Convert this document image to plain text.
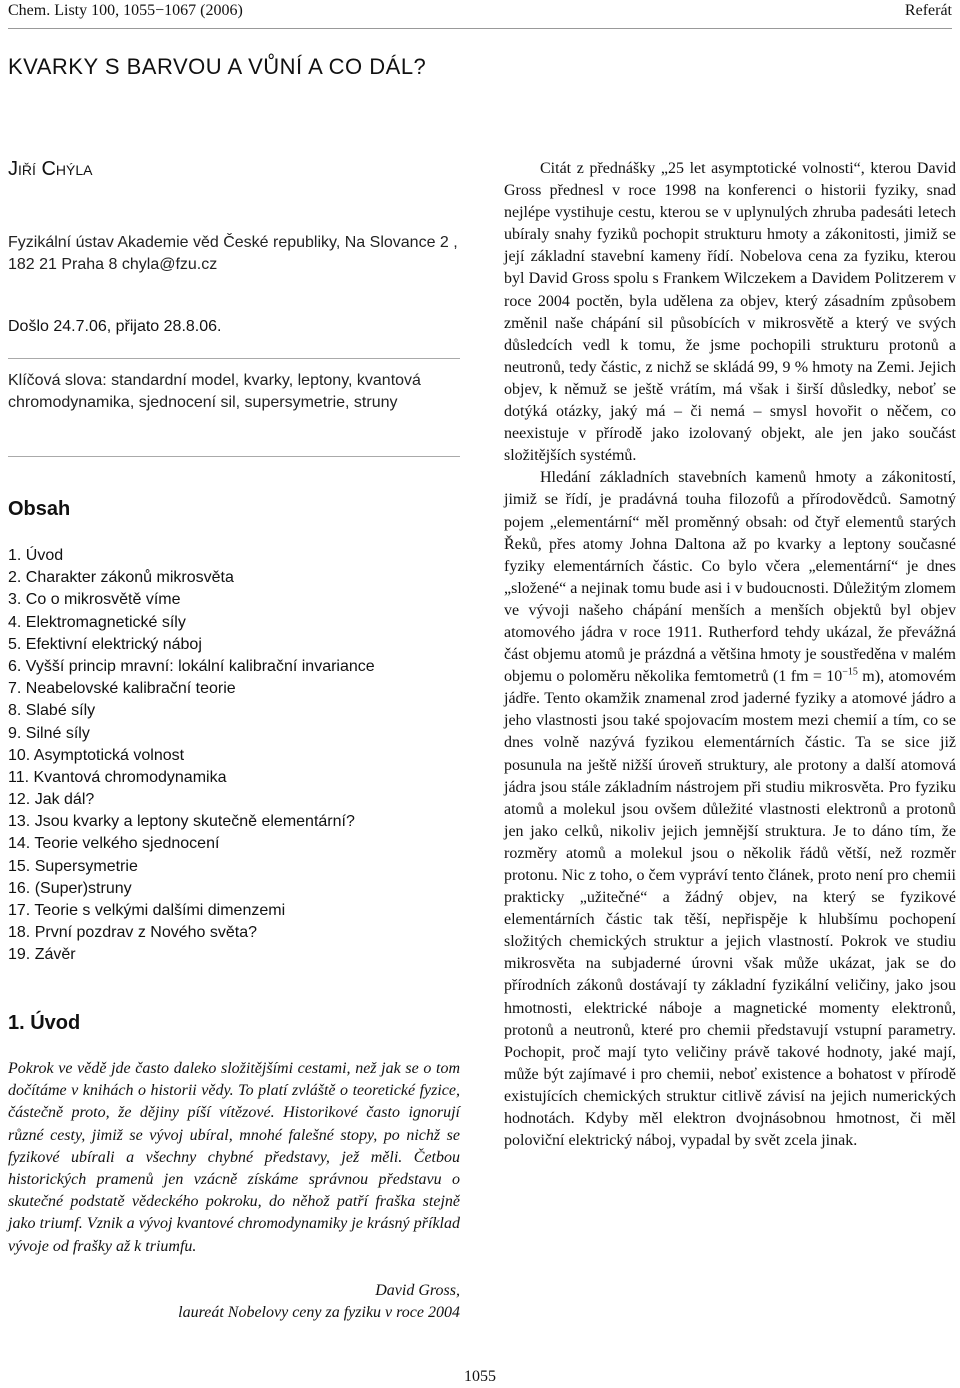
Chem. Listy 100, 1055−1067 (2006)	Referát
KVARKY S BARVOU A VŮNÍ A CO DÁL?
Jiří Chýla
Fyzikální ústav Akademie věd České republiky, Na Slovance 2 , 182 21 Praha 8 chyla@fzu.cz
Došlo 24.7.06, přijato 28.8.06.
Klíčová slova: standardní model, kvarky, leptony, kvantová chromodynamika, sjednocení sil, supersymetrie, struny
Obsah
1. Úvod
2. Charakter zákonů mikrosvěta
3. Co o mikrosvětě víme
4. Elektromagnetické síly
5. Efektivní elektrický náboj
6. Vyšší princip mravní: lokální kalibrační invariance
7. Neabelovské kalibrační teorie
8. Slabé síly
9. Silné síly
10. Asymptotická volnost
11. Kvantová chromodynamika
12. Jak dál?
13. Jsou kvarky a leptony skutečně elementární?
14. Teorie velkého sjednocení
15. Supersymetrie
16. (Super)struny
17. Teorie s velkými dalšími dimenzemi
18. První pozdrav z Nového světa?
19. Závěr
1. Úvod
Pokrok ve vědě jde často daleko složitějšími cestami, než jak se o tom dočítáme v knihách o historii vědy. To platí zvláště o teoretické fyzice, částečně proto, že dějiny píší vítězové. Historikové často ignorují různé cesty, jimiž se vývoj ubíral, mnohé falešné stopy, po nichž se fyzikové ubírali a všechny chybné představy, jež měli. Četbou historických pramenů jen vzácně získáme správnou představu o skutečné podstatě vědeckého pokroku, do něhož patří fraška stejně jako triumf. Vznik a vývoj kvantové chromodynamiky je krásný příklad vývoje od frašky až k triumfu.
David Gross,
laureát Nobelovy ceny za fyziku v roce 2004

Citát z přednášky „25 let asymptotické volnosti“, kterou David Gross přednesl v roce 1998 na konferenci o historii fyziky, snad nejlépe vystihuje cestu, kterou se v uplynulých zhruba padesáti letech ubíraly snahy fyziků pochopit strukturu hmoty a zákonitosti, jimiž se její základní stavební kameny řídí. Nobelova cena za fyziku, kterou byl David Gross spolu s Frankem Wilczekem a Davidem Politzerem v roce 2004 poctěn, byla udělena za objev, který zásadním způsobem změnil naše chápání sil působících v mikrosvětě a který ve svých důsledcích vedl k tomu, že jsme pochopili strukturu protonů a neutronů, tedy částic, z nichž se skládá 99, 9 % hmoty na Zemi. Jejich objev, k němuž se ještě vrátím, má však i širší důsledky, neboť se dotýká otázky, jaký má – či nemá – smysl hovořit o něčem, co neexistuje v přírodě jako izolovaný objekt, ale jen jako součást složitějších systémů.

Hledání základních stavebních kamenů hmoty a zákonitostí, jimiž se řídí, je pradávná touha filozofů a přírodovědců. Samotný pojem „elementární“ měl proměnný obsah: od čtyř elementů starých Řeků, přes atomy Johna Daltona až po kvarky a leptony současné fyziky elementárních částic. Co bylo včera „elementární“ je dnes „složené“ a nejinak tomu bude asi i v budoucnosti. Důležitým zlomem ve vývoji našeho chápání menších a menších objektů byl objev atomového jádra v roce 1911. Rutherford tehdy ukázal, že převážná část objemu atomů je prázdná a většina hmoty je soustředěna v malém objemu o poloměru několika femtometrů (1 fm = $10^{-15}$ m), atomovém jádře. Tento okamžik znamenal zrod jaderné fyziky a atomové jádro a jeho vlastnosti jsou také spojovacím mostem mezi chemií a tím, co se dnes volně nazývá fyzikou elementárních částic. Ta se sice již posunula na ještě nižší úroveň struktury, ale protony a další atomová jádra jsou stále základním nástrojem při studiu mikrosvěta. Pro fyziku atomů a molekul jsou ovšem důležité vlastnosti elektronů a protonů jen jako celků, nikoliv jejich jemnější struktura. Je to dáno tím, že rozměry atomů a molekul jsou o několik řádů větší, než rozměr protonu. Nic z toho, o čem vypráví tento článek, proto není pro chemii prakticky „užitečné“ a žádný objev, na který se fyzikové elementárních částic tak těší, nepřispěje k hlubšímu pochopení složitých chemických struktur a jejich vlastností. Pokrok ve studiu mikrosvěta na subjaderné úrovni však může ukázat, jak se do přírodních zákonů dostávají ty základní fyzikální veličiny, jako jsou hmotnosti, elektrické náboje a magnetické momenty elektronů, protonů a neutronů, které pro chemii představují vstupní parametry. Pochopit, proč mají tyto veličiny právě takové hodnoty, jaké mají, může být zajímavé i pro chemii, neboť existence a bohatost v přírodě existujících chemických struktur citlivě závisí na jejich numerických hodnotách. Kdyby měl elektron dvojnásobnou hmotnost, či měl poloviční elektrický náboj, vypadal by svět zcela jinak.

1055
